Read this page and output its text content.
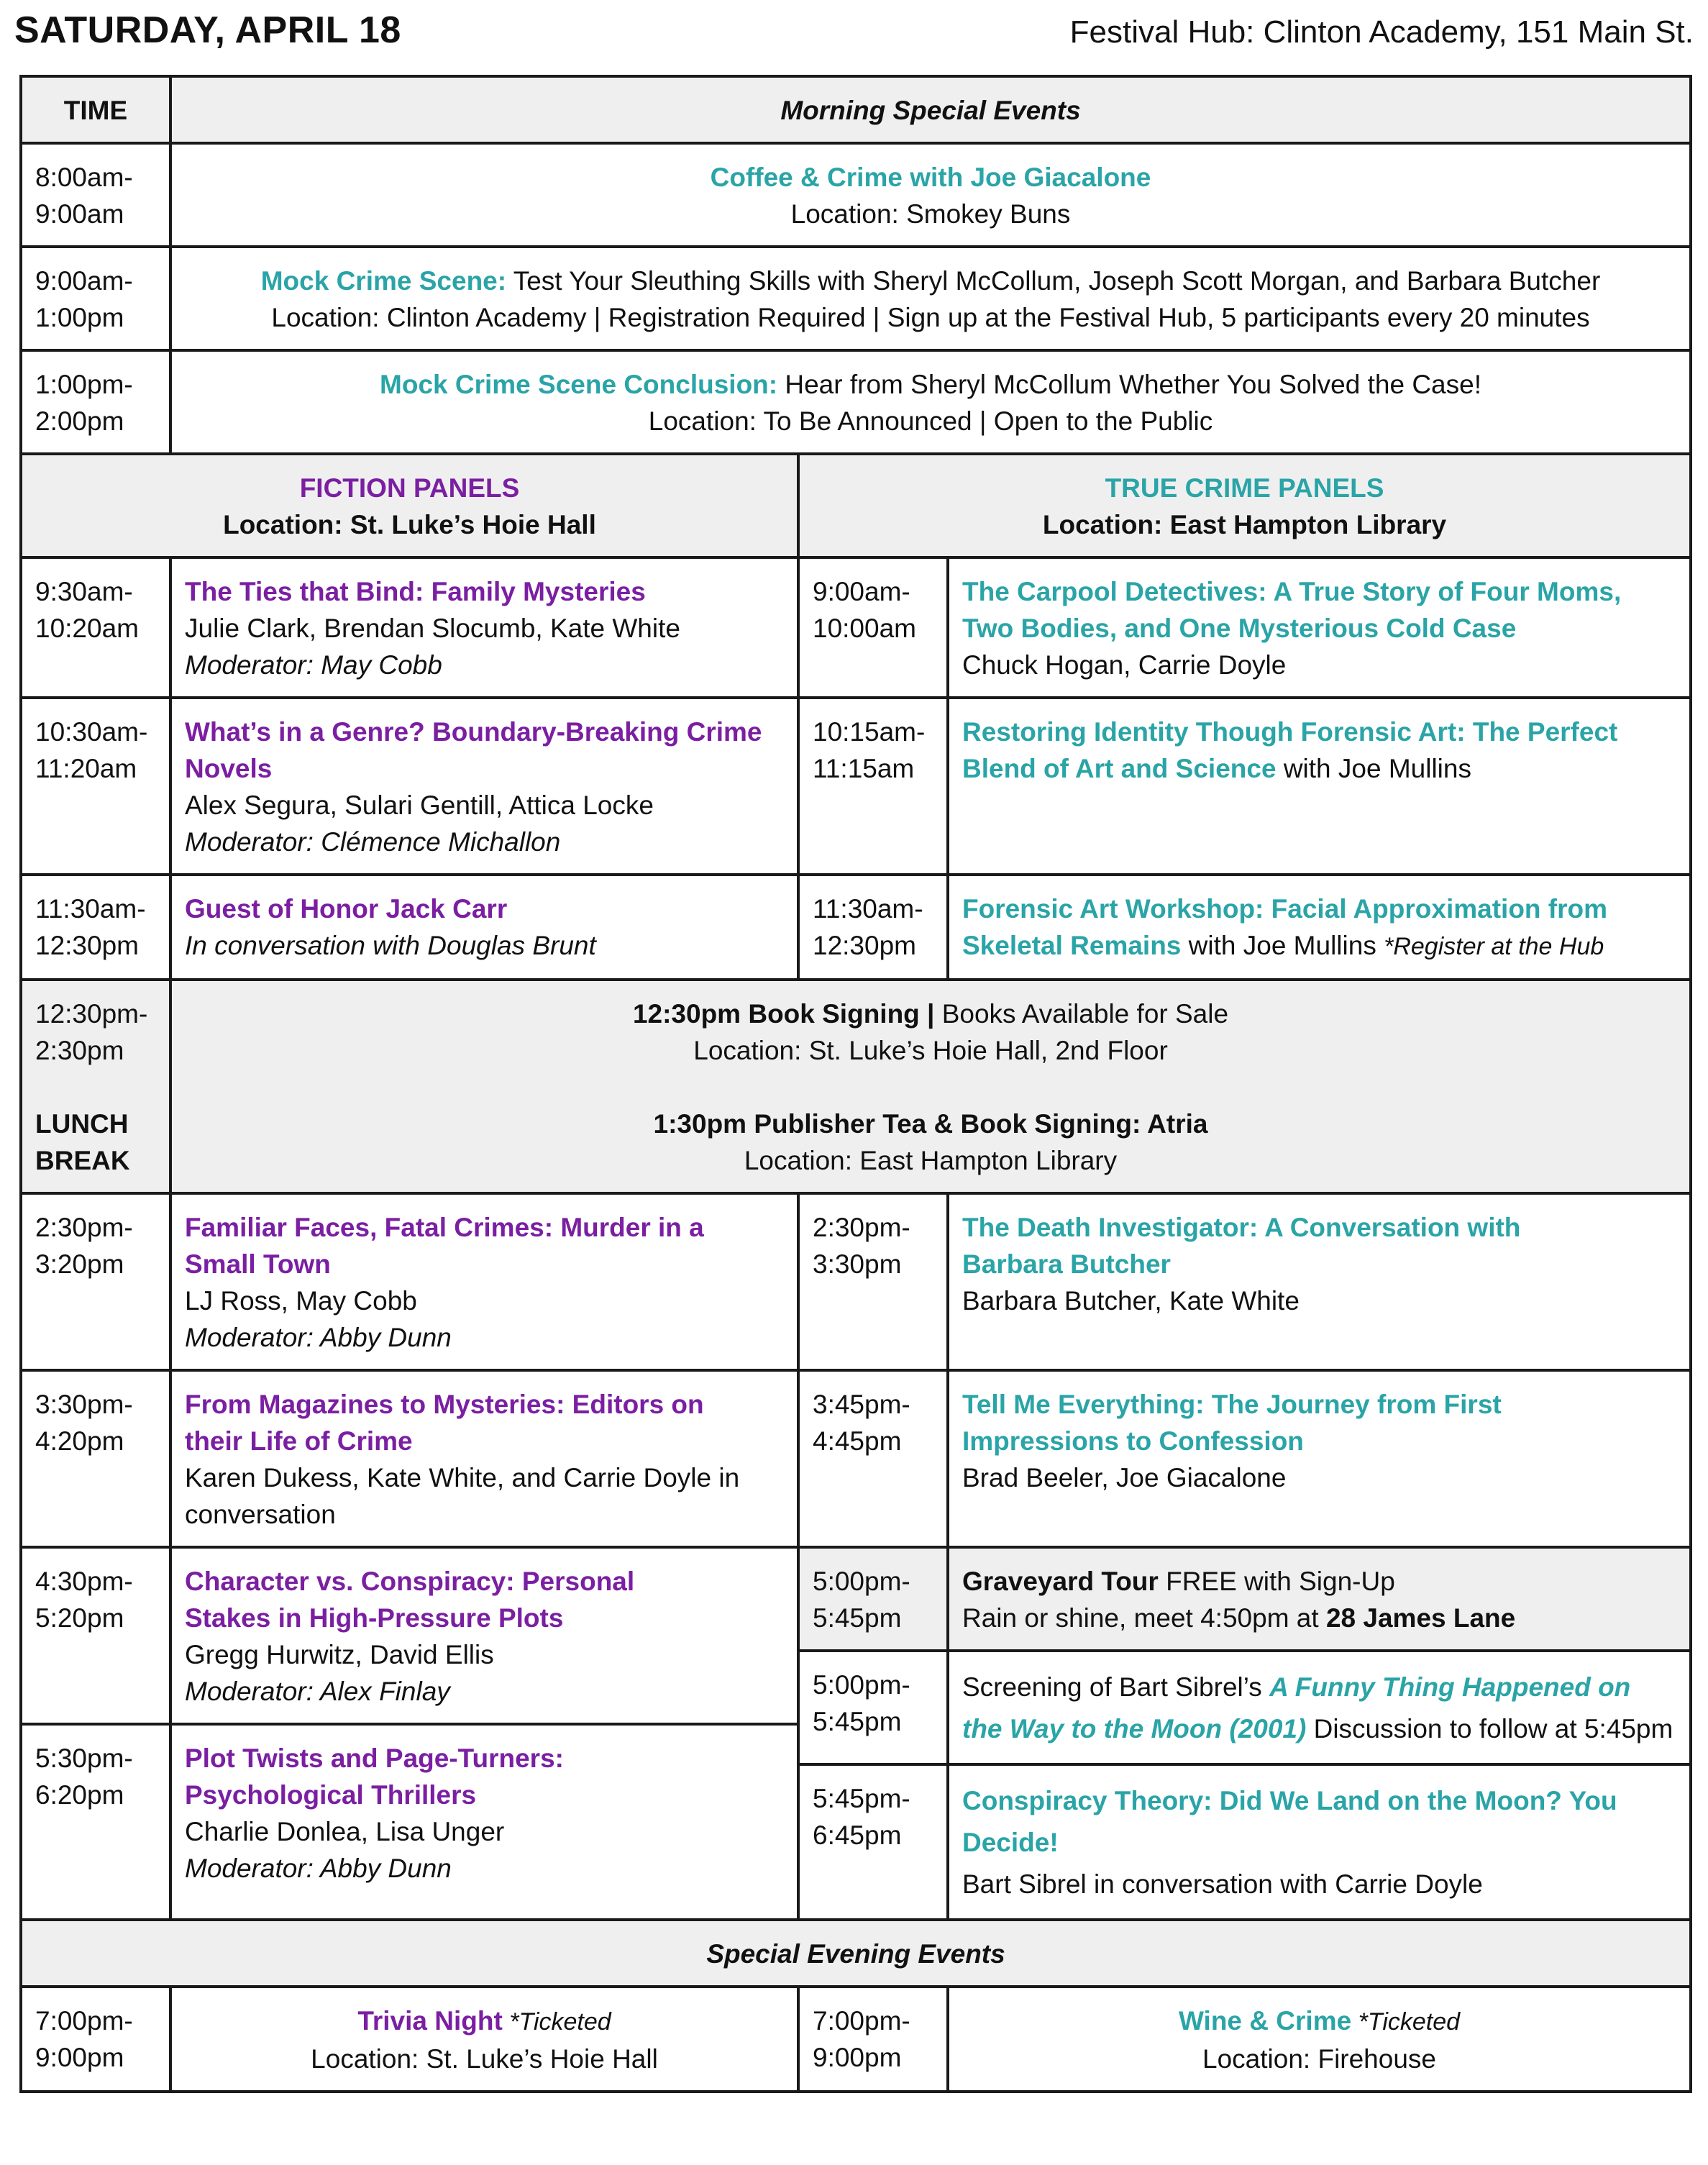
SATURDAY, APRIL 18	Festival Hub: Clinton Academy, 151 Main St.
TIME	Morning Special Events		
8:00am-
9:00am	Coffee & Crime with Joe Giacalone
Location: Smokey Buns		
9:00am-
1:00pm	Mock Crime Scene: Test Your Sleuthing Skills with Sheryl McCollum, Joseph Scott Morgan, and Barbara Butcher
Location: Clinton Academy | Registration Required | Sign up at the Festival Hub, 5 participants every 20 minutes		
1:00pm-
2:00pm	Mock Crime Scene Conclusion: Hear from Sheryl McCollum Whether You Solved the Case!
Location: To Be Announced | Open to the Public		
FICTION PANELS
Location: St. Luke’s Hoie Hall		TRUE CRIME PANELS
Location: East Hampton Library	
9:30am-
10:20am	The Ties that Bind: Family Mysteries
Julie Clark, Brendan Slocumb, Kate White
Moderator: May Cobb	9:00am-
10:00am	The Carpool Detectives: A True Story of Four Moms, Two Bodies, and One Mysterious Cold Case
Chuck Hogan, Carrie Doyle
10:30am-
11:20am	What’s in a Genre? Boundary-Breaking Crime Novels
Alex Segura, Sulari Gentill, Attica Locke
Moderator: Clémence Michallon	10:15am-
11:15am	Restoring Identity Though Forensic Art: The Perfect Blend of Art and Science with Joe Mullins
11:30am-
12:30pm	Guest of Honor Jack Carr
In conversation with Douglas Brunt	11:30am-
12:30pm	Forensic Art Workshop: Facial Approximation from Skeletal Remains with Joe Mullins *Register at the Hub
12:30pm-
2:30pm

LUNCH
BREAK	12:30pm Book Signing | Books Available for Sale
Location: St. Luke’s Hoie Hall, 2nd Floor

1:30pm Publisher Tea & Book Signing: Atria
Location: East Hampton Library		
2:30pm-
3:20pm	Familiar Faces, Fatal Crimes: Murder in a Small Town
LJ Ross, May Cobb
Moderator: Abby Dunn	2:30pm-
3:30pm	The Death Investigator: A Conversation with Barbara Butcher
Barbara Butcher, Kate White
3:30pm-
4:20pm	From Magazines to Mysteries: Editors on their Life of Crime
Karen Dukess, Kate White, and Carrie Doyle in conversation	3:45pm-
4:45pm	Tell Me Everything: The Journey from First Impressions to Confession
Brad Beeler, Joe Giacalone
4:30pm-
5:20pm	Character vs. Conspiracy: Personal Stakes in High-Pressure Plots
Gregg Hurwitz, David Ellis
Moderator: Alex Finlay	5:00pm-
5:45pm	Graveyard Tour FREE with Sign-Up
Rain or shine, meet 4:50pm at 28 James Lane
		5:00pm-
5:45pm	Screening of Bart Sibrel’s A Funny Thing Happened on the Way to the Moon (2001) Discussion to follow at 5:45pm
5:30pm-
6:20pm	Plot Twists and Page-Turners: Psychological Thrillers
Charlie Donlea, Lisa Unger
Moderator: Abby Dunn		
		5:45pm-
6:45pm	Conspiracy Theory: Did We Land on the Moon? You Decide!
Bart Sibrel in conversation with Carrie Doyle
Special Evening Events			
7:00pm-
9:00pm	Trivia Night *Ticketed
Location: St. Luke’s Hoie Hall	7:00pm-
9:00pm	Wine & Crime *Ticketed
Location: Firehouse
